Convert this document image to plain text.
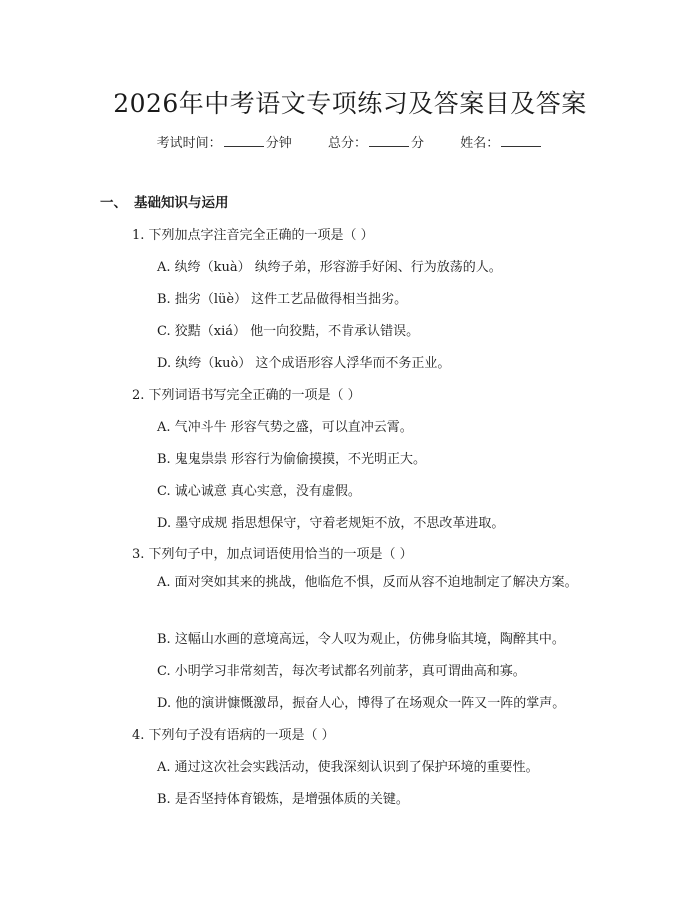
2026年中考语文专项练习及答案目及答案
考试时间：	分钟	总分：	分	姓名：
一、 基础知识与运用
1. 下列加点字注音完全正确的一项是（ ）
A. 纨绔（kuà） 纨绔子弟，形容游手好闲、行为放荡的人。
B. 拙劣（lüè） 这件工艺品做得相当拙劣。
C. 狡黠（xiá） 他一向狡黠，不肯承认错误。
D. 纨绔（kuò） 这个成语形容人浮华而不务正业。
2. 下列词语书写完全正确的一项是（ ）
A. 气冲斗牛 形容气势之盛，可以直冲云霄。
B. 鬼鬼祟祟 形容行为偷偷摸摸，不光明正大。
C. 诚心诚意 真心实意，没有虚假。
D. 墨守成规 指思想保守，守着老规矩不放，不思改革进取。
3. 下列句子中，加点词语使用恰当的一项是（ ）
A. 面对突如其来的挑战，他临危不惧，反而从容不迫地制定了解决方案。
B. 这幅山水画的意境高远，令人叹为观止，仿佛身临其境，陶醉其中。
C. 小明学习非常刻苦，每次考试都名列前茅，真可谓曲高和寡。
D. 他的演讲慷慨激昂，振奋人心，博得了在场观众一阵又一阵的掌声。
4. 下列句子没有语病的一项是（ ）
A. 通过这次社会实践活动，使我深刻认识到了保护环境的重要性。
B. 是否坚持体育锻炼，是增强体质的关键。
